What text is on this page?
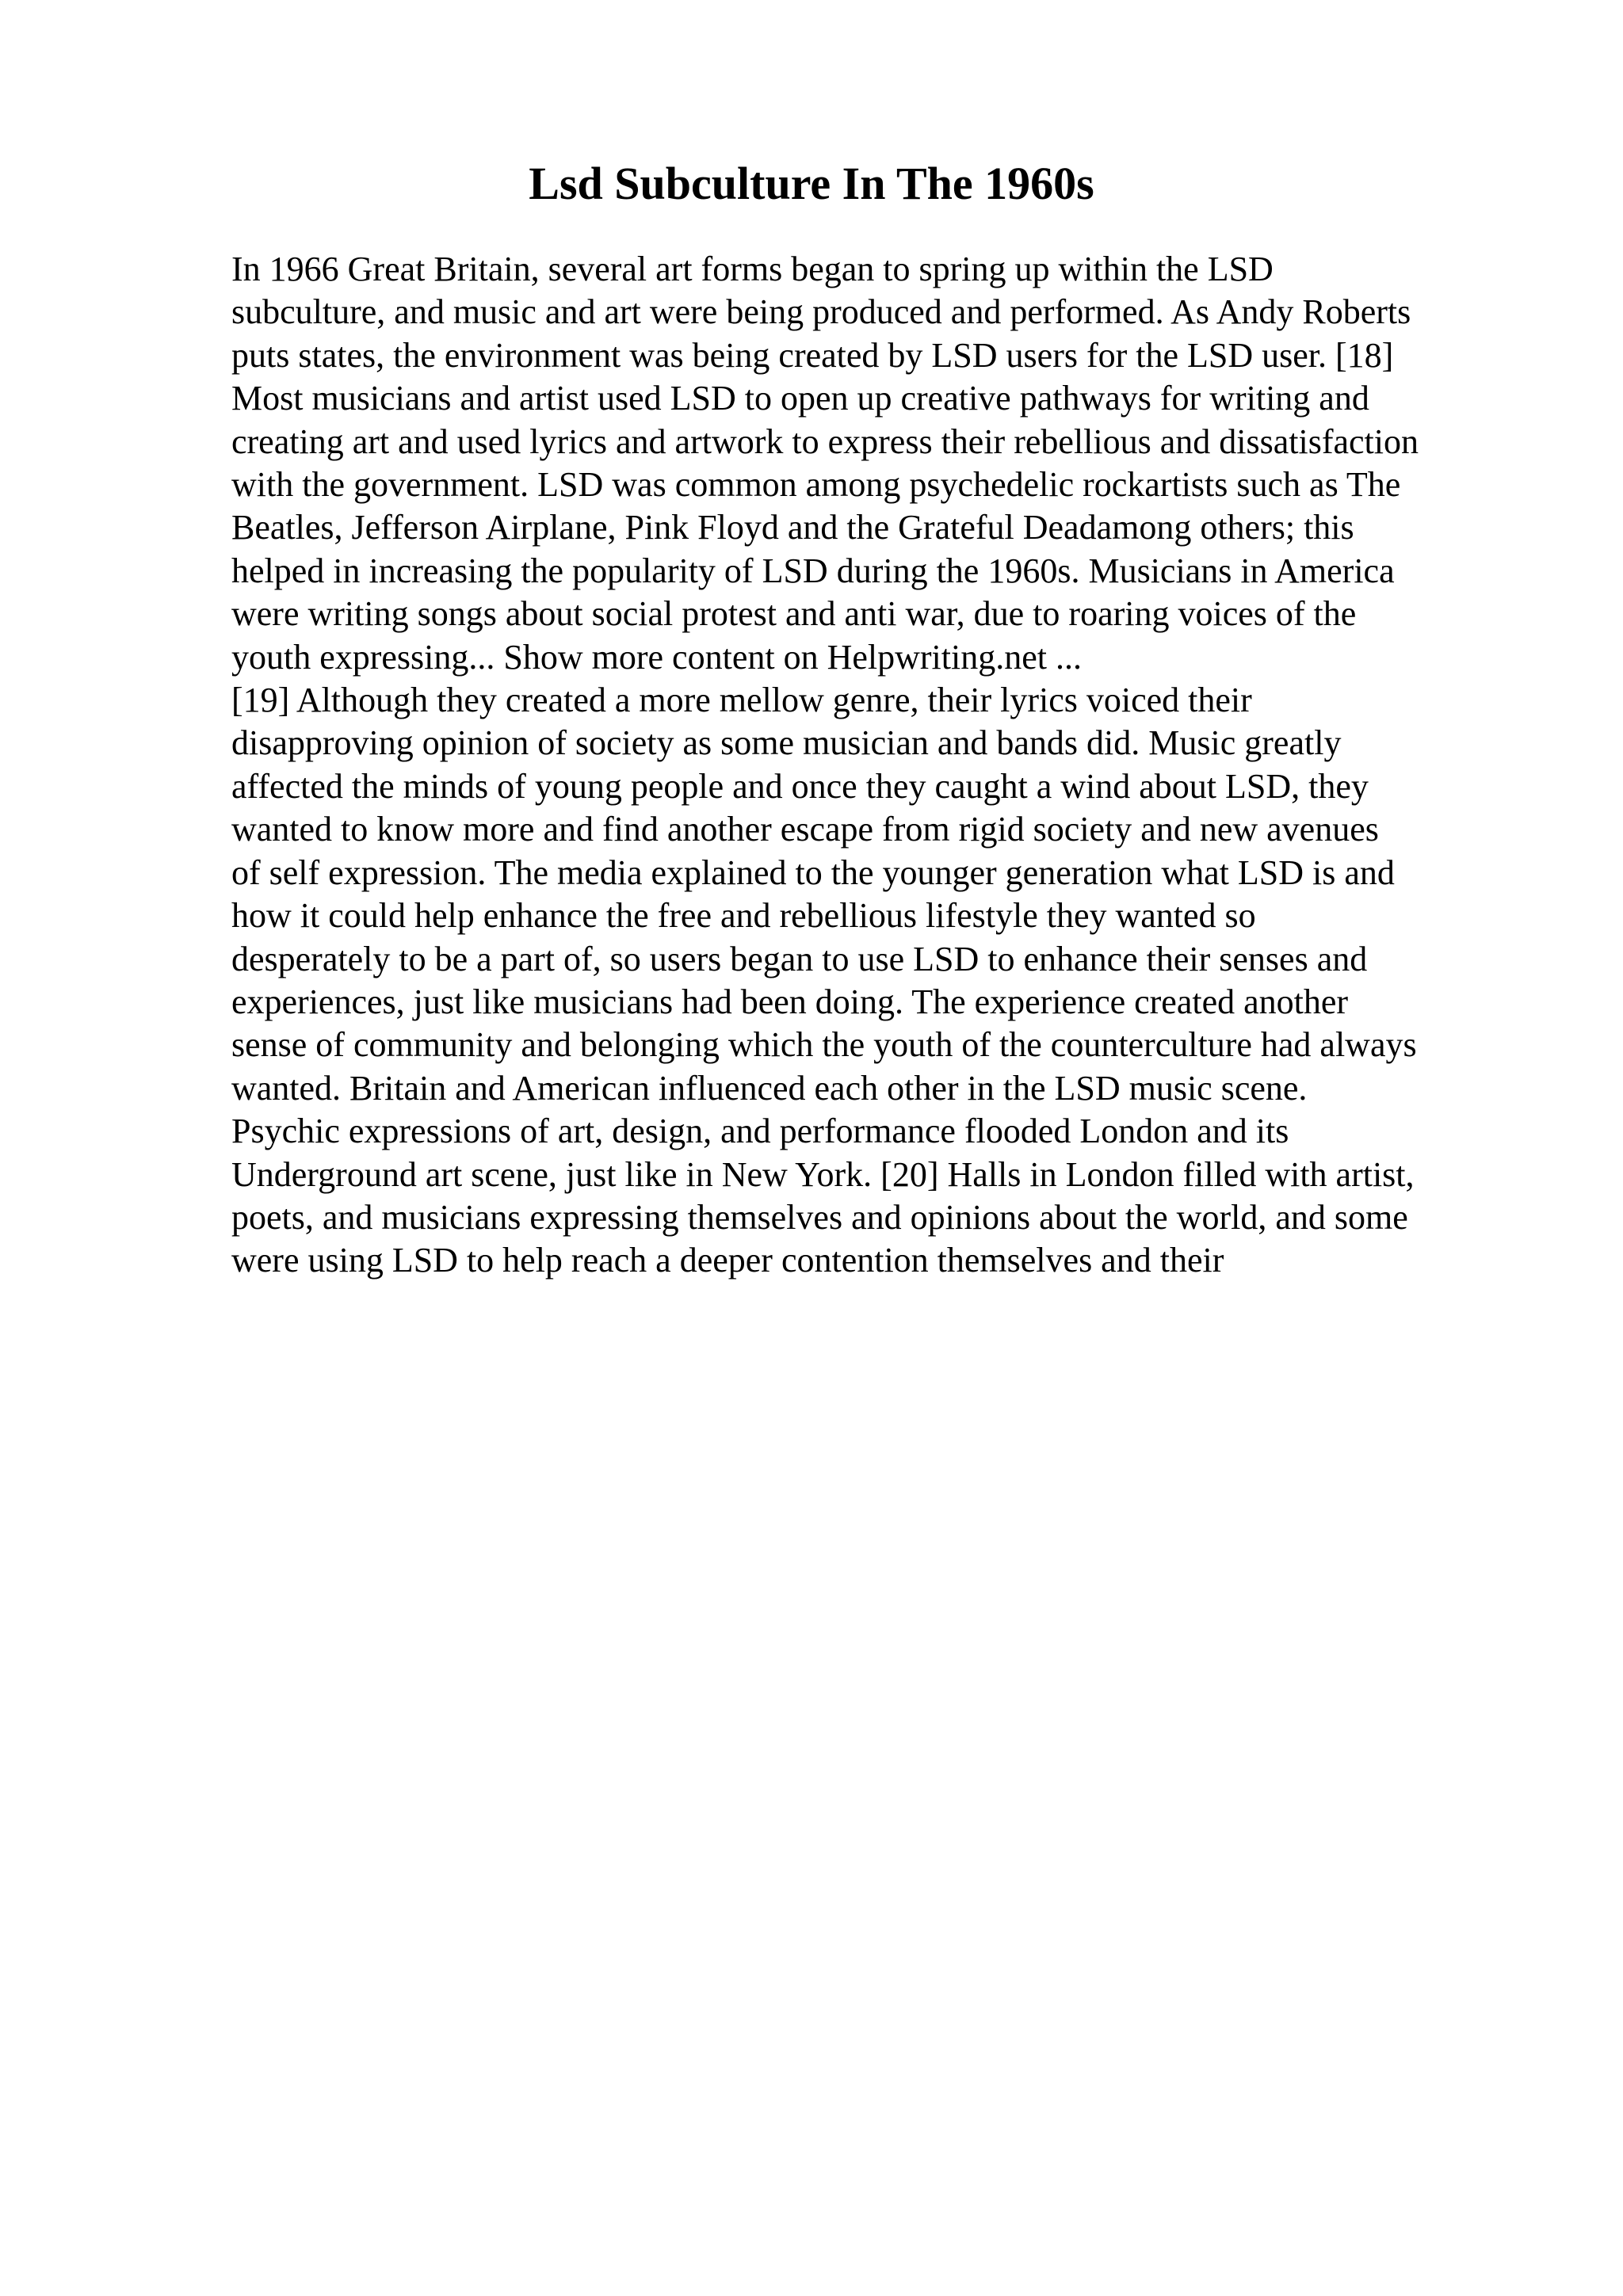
Lsd Subculture In The 1960s
In 1966 Great Britain, several art forms began to spring up within the LSD
subculture, and music and art were being produced and performed. As Andy Roberts
puts states, the environment was being created by LSD users for the LSD user. [18]
Most musicians and artist used LSD to open up creative pathways for writing and
creating art and used lyrics and artwork to express their rebellious and dissatisfaction
with the government. LSD was common among psychedelic rockartists such as The
Beatles, Jefferson Airplane, Pink Floyd and the Grateful Deadamong others; this
helped in increasing the popularity of LSD during the 1960s. Musicians in America
were writing songs about social protest and anti war, due to roaring voices of the
youth expressing... Show more content on Helpwriting.net ...
[19] Although they created a more mellow genre, their lyrics voiced their
disapproving opinion of society as some musician and bands did. Music greatly
affected the minds of young people and once they caught a wind about LSD, they
wanted to know more and find another escape from rigid society and new avenues
of self expression. The media explained to the younger generation what LSD is and
how it could help enhance the free and rebellious lifestyle they wanted so
desperately to be a part of, so users began to use LSD to enhance their senses and
experiences, just like musicians had been doing. The experience created another
sense of community and belonging which the youth of the counterculture had always
wanted. Britain and American influenced each other in the LSD music scene.
Psychic expressions of art, design, and performance flooded London and its
Underground art scene, just like in New York. [20] Halls in London filled with artist,
poets, and musicians expressing themselves and opinions about the world, and some
were using LSD to help reach a deeper contention themselves and their
